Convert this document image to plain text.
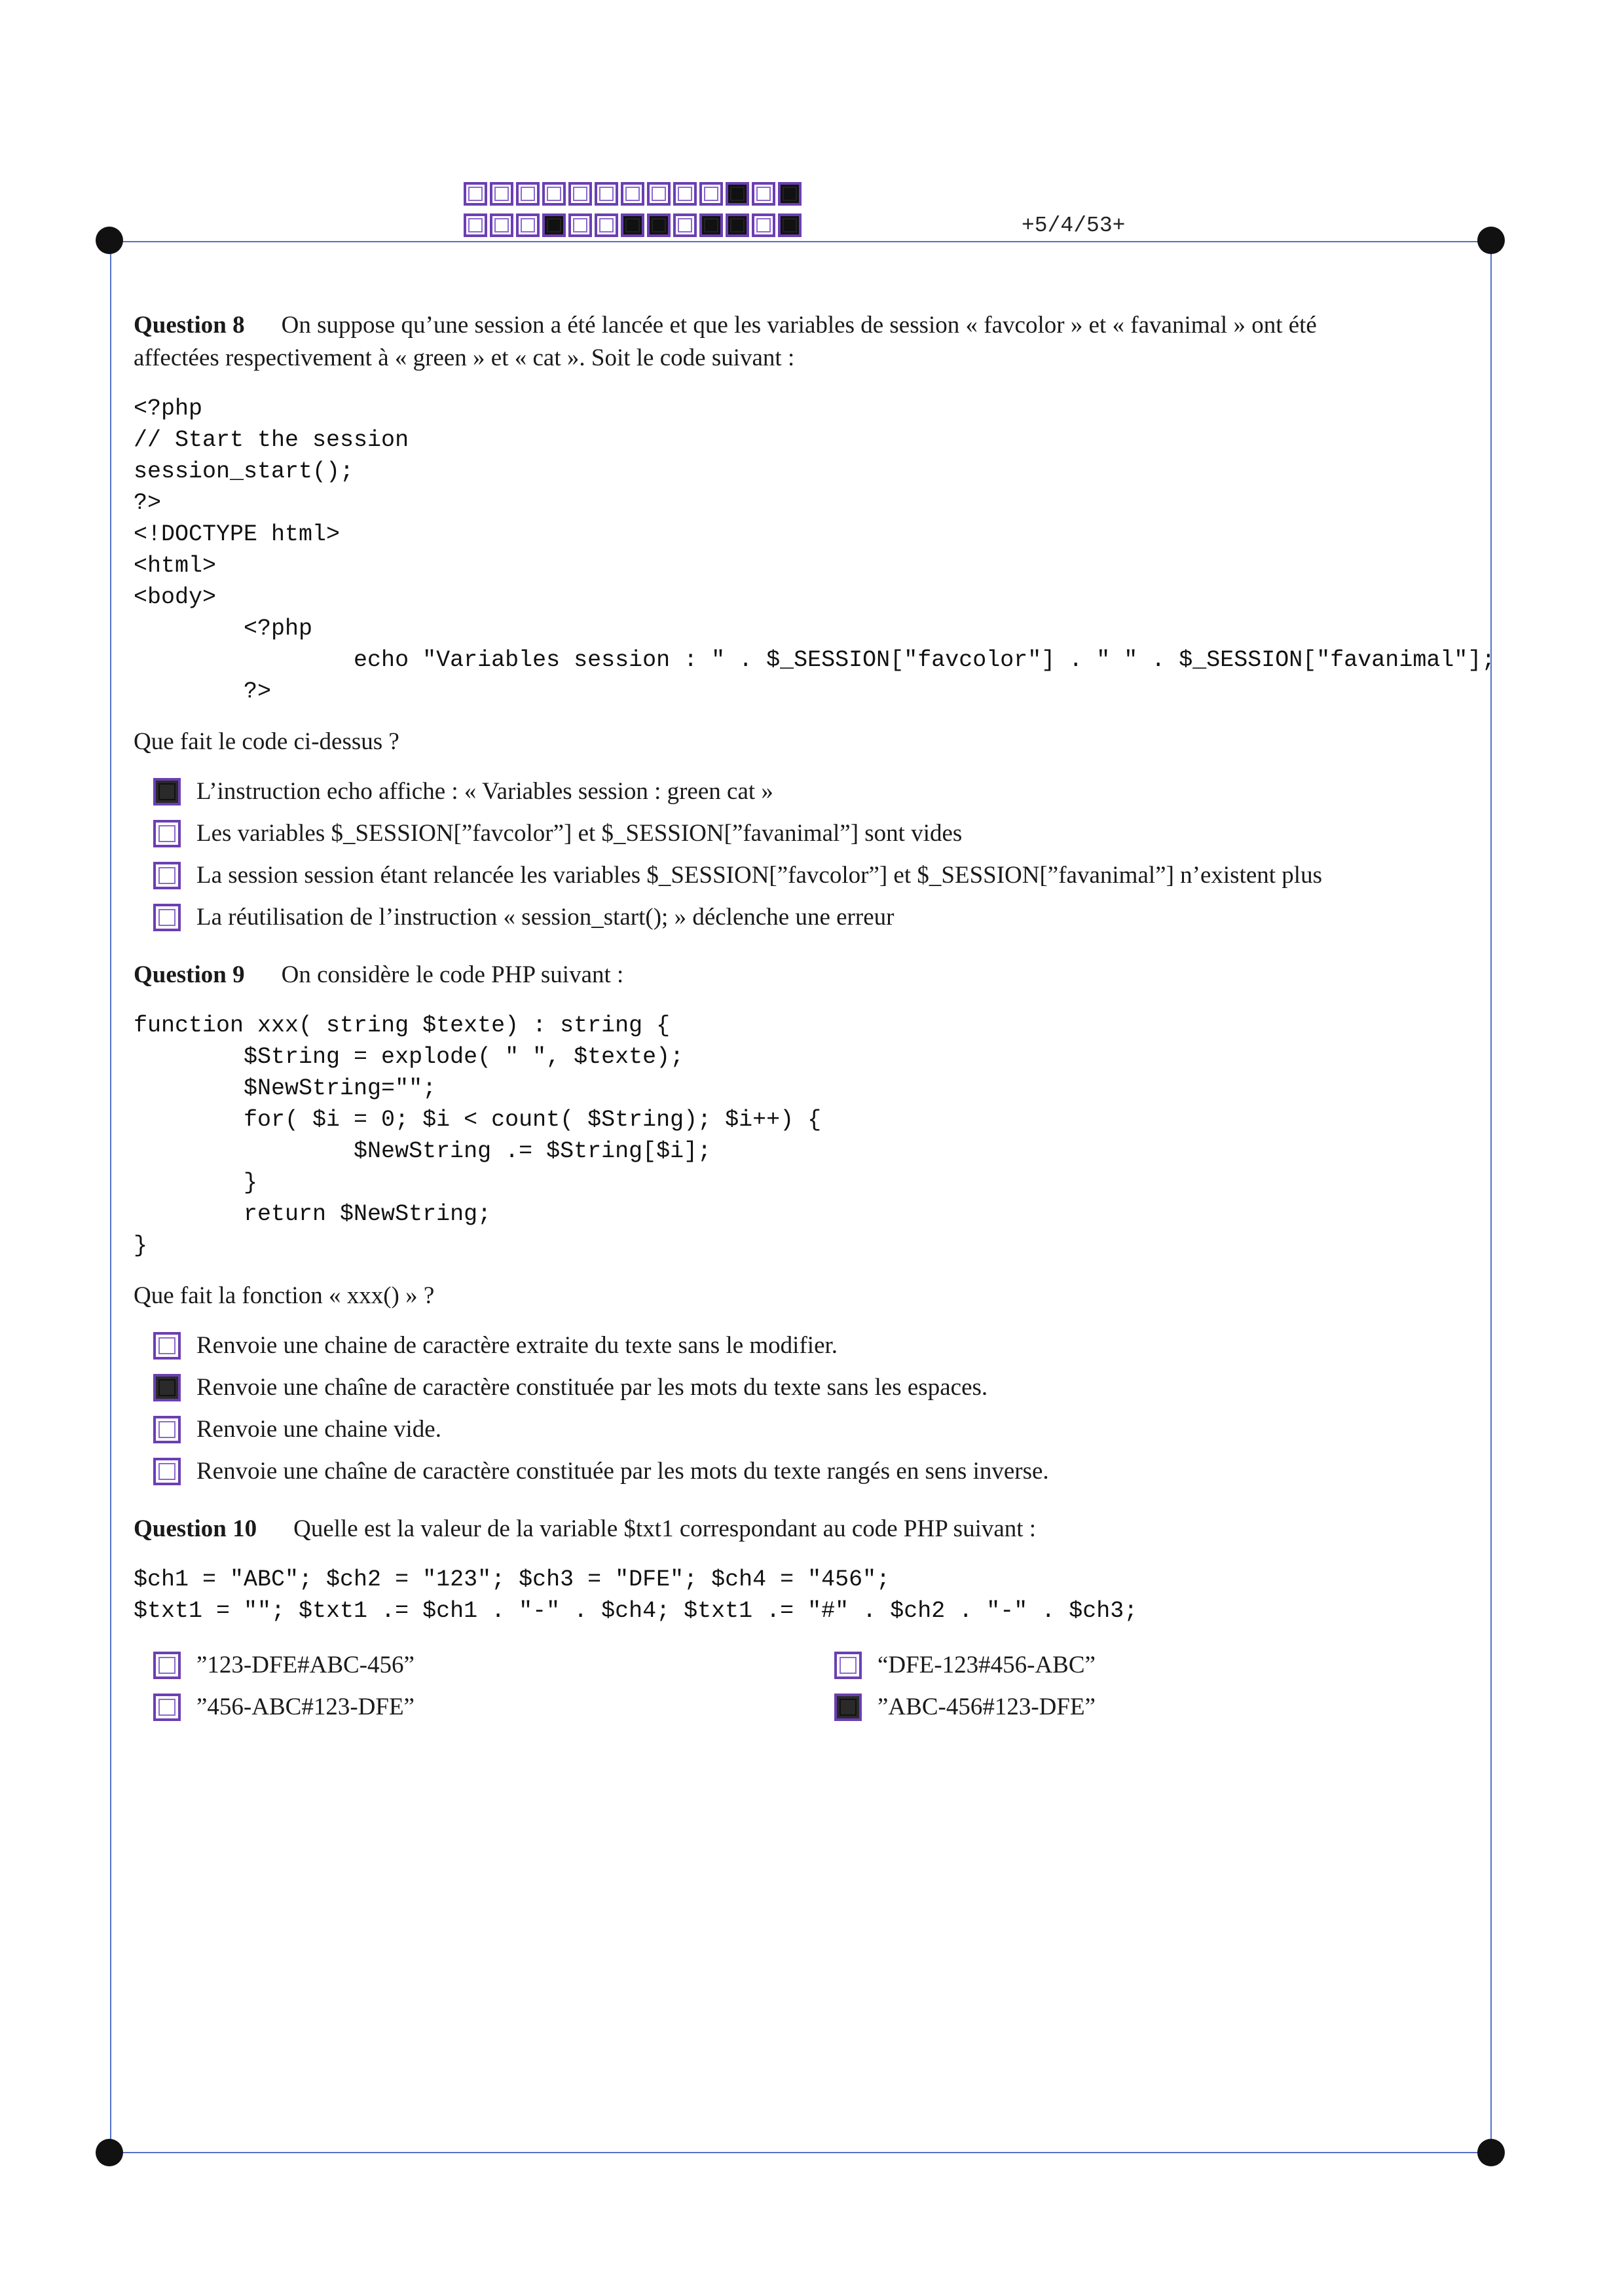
+5/4/53+

Question 8 On suppose qu’une session a été lancée et que les variables de session « favcolor » et « favanimal » ont été
affectées respectivement à « green » et « cat ». Soit le code suivant :

<?php
// Start the session
session_start();
?>
<!DOCTYPE html>
<html>
<body>
<?php
echo "Variables session : " . $_SESSION["favcolor"] . " " . $_SESSION["favanimal"];
?>

Que fait le code ci-dessus ?

L’instruction echo affiche : « Variables session : green cat »
Les variables $_SESSION[”favcolor”] et $_SESSION[”favanimal”] sont vides
La session session étant relancée les variables $_SESSION[”favcolor”] et $_SESSION[”favanimal”] n’existent plus
La réutilisation de l’instruction « session_start(); » déclenche une erreur

Question 9 On considère le code PHP suivant :

function xxx( string $texte) : string {
$String = explode( " ", $texte);
$NewString="";
for( $i = 0; $i < count( $String); $i++) {
$NewString .= $String[$i];
}
return $NewString;
}

Que fait la fonction « xxx() » ?

Renvoie une chaine de caractère extraite du texte sans le modifier.
Renvoie une chaîne de caractère constituée par les mots du texte sans les espaces.
Renvoie une chaine vide.
Renvoie une chaîne de caractère constituée par les mots du texte rangés en sens inverse.

Question 10 Quelle est la valeur de la variable $txt1 correspondant au code PHP suivant :

$ch1 = "ABC"; $ch2 = "123"; $ch3 = "DFE"; $ch4 = "456";
$txt1 = ""; $txt1 .= $ch1 . "-" . $ch4; $txt1 .= "#" . $ch2 . "-" . $ch3;
”123-DFE#ABC-456”	“DFE-123#456-ABC”
”456-ABC#123-DFE”	”ABC-456#123-DFE”
